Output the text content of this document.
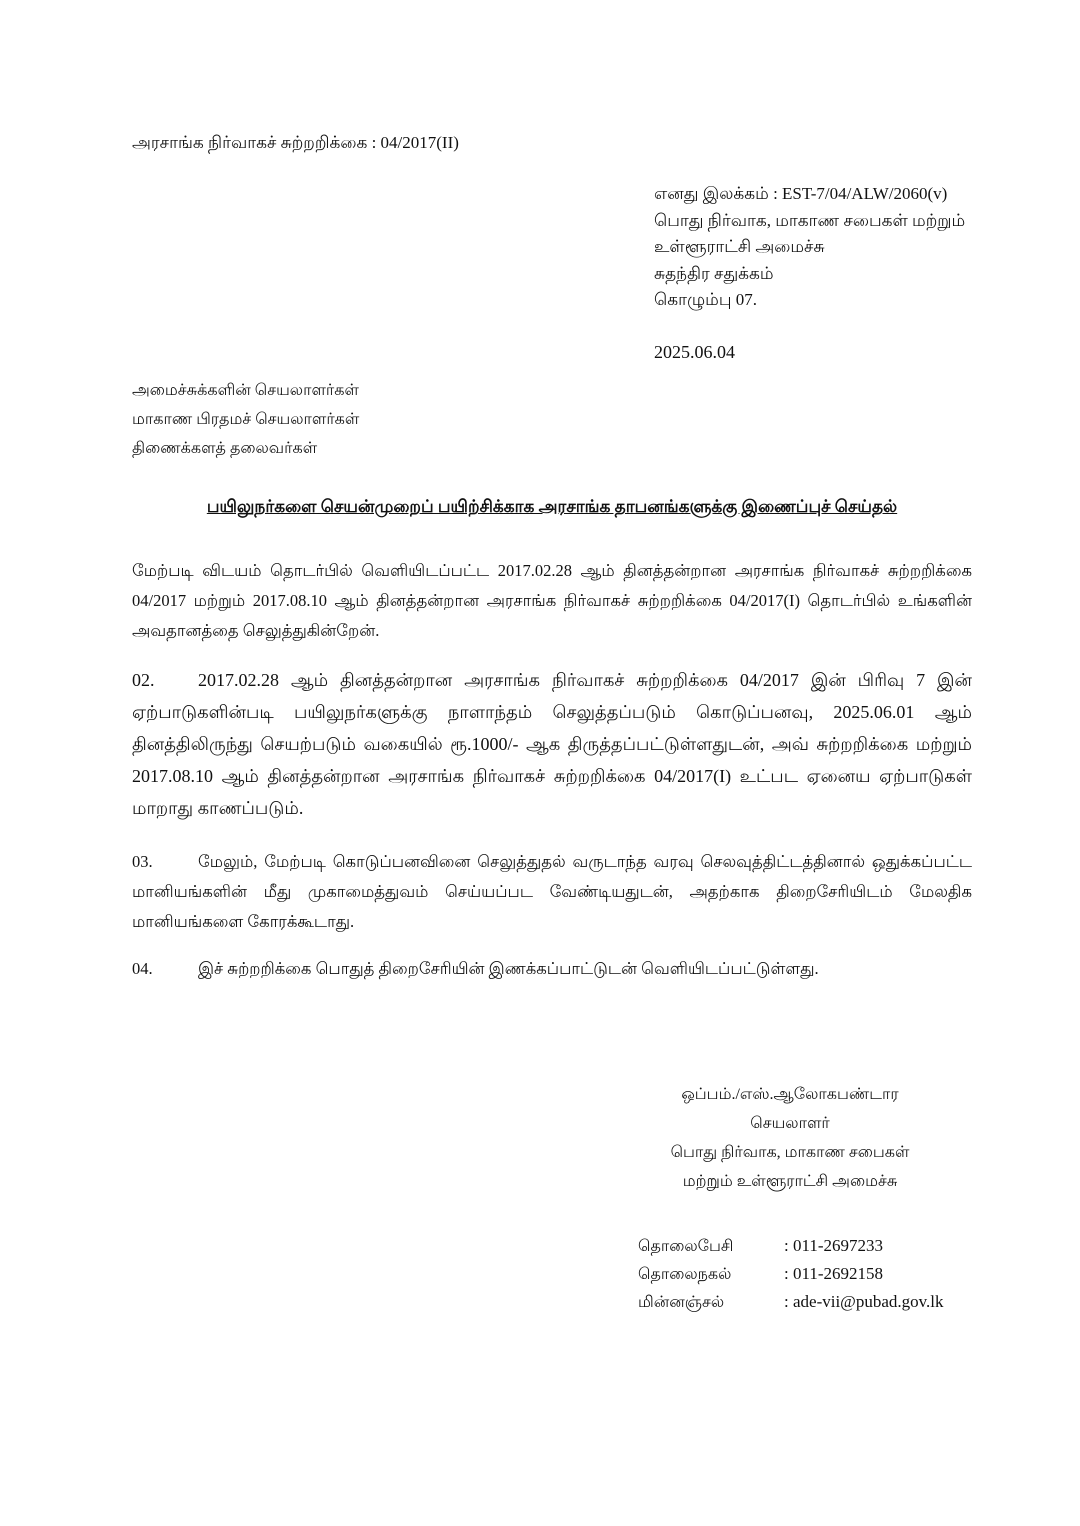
அரசாங்க நிர்வாகச் சுற்றறிக்கை : 04/2017(II)
எனது இலக்கம் : EST-7/04/ALW/2060(v)
பொது நிர்வாக, மாகாண சபைகள் மற்றும்
உள்ளூராட்சி அமைச்சு
சுதந்திர சதுக்கம்
கொழும்பு 07.
2025.06.04
அமைச்சுக்களின் செயலாளர்கள்
மாகாண பிரதமச் செயலாளர்கள்
திணைக்களத் தலைவர்கள்
பயிலுநர்களை செயன்முறைப் பயிற்சிக்காக அரசாங்க தாபனங்களுக்கு இணைப்புச் செய்தல்
மேற்படி விடயம் தொடர்பில் வெளியிடப்பட்ட 2017.02.28 ஆம் தினத்தன்றான அரசாங்க நிர்வாகச் சுற்றறிக்கை 04/2017 மற்றும் 2017.08.10 ஆம் தினத்தன்றான அரசாங்க நிர்வாகச் சுற்றறிக்கை 04/2017(I) தொடர்பில் உங்களின் அவதானத்தை செலுத்துகின்றேன்.
02. 2017.02.28 ஆம் தினத்தன்றான அரசாங்க நிர்வாகச் சுற்றறிக்கை 04/2017 இன் பிரிவு 7 இன் ஏற்பாடுகளின்படி பயிலுநர்களுக்கு நாளாந்தம் செலுத்தப்படும் கொடுப்பனவு, 2025.06.01 ஆம் தினத்திலிருந்து செயற்படும் வகையில் ரூ.1000/- ஆக திருத்தப்பட்டுள்ளதுடன், அவ் சுற்றறிக்கை மற்றும் 2017.08.10 ஆம் தினத்தன்றான அரசாங்க நிர்வாகச் சுற்றறிக்கை 04/2017(I) உட்பட ஏனைய ஏற்பாடுகள் மாறாது காணப்படும்.
03.	மேலும், மேற்படி கொடுப்பனவினை செலுத்துதல் வருடாந்த வரவு செலவுத்திட்டத்தினால் ஒதுக்கப்பட்ட மானியங்களின் மீது முகாமைத்துவம் செய்யப்பட வேண்டியதுடன், அதற்காக திறைசேரியிடம் மேலதிக மானியங்களை கோரக்கூடாது.
04.	இச் சுற்றறிக்கை பொதுத் திறைசேரியின் இணக்கப்பாட்டுடன் வெளியிடப்பட்டுள்ளது.
ஒப்பம்./எஸ்.ஆலோகபண்டார
செயலாளர்
பொது நிர்வாக, மாகாண சபைகள்
மற்றும் உள்ளூராட்சி அமைச்சு
தொலைபேசி	: 011-2697233
தொலைநகல்	: 011-2692158
மின்னஞ்சல்	: ade-vii@pubad.gov.lk
